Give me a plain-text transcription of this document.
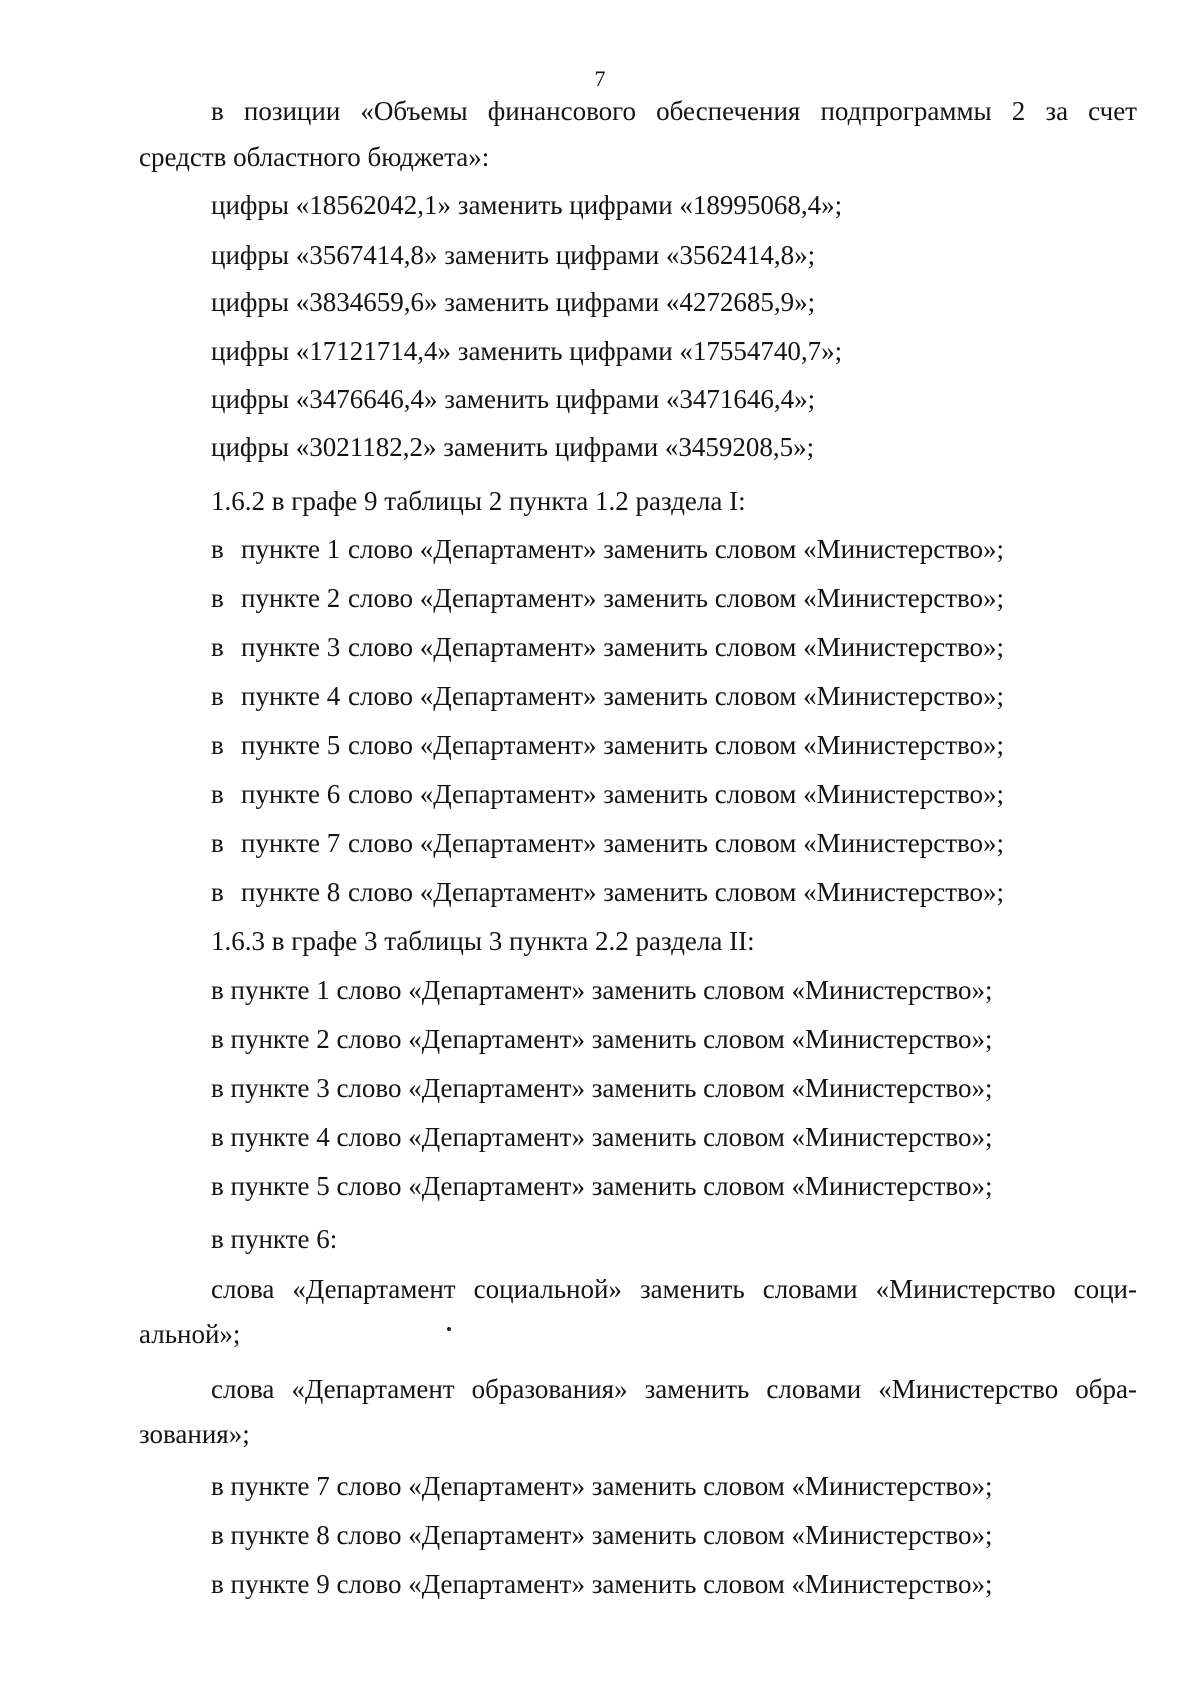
7
в позиции «Объемы финансового обеспечения подпрограммы 2 за счет
средств областного бюджета»:
цифры «18562042,1» заменить цифрами «18995068,4»;
цифры «3567414,8» заменить цифрами «3562414,8»;
цифры «3834659,6» заменить цифрами «4272685,9»;
цифры «17121714,4» заменить цифрами «17554740,7»;
цифры «3476646,4» заменить цифрами «3471646,4»;
цифры «3021182,2» заменить цифрами «3459208,5»;
1.6.2 в графе 9 таблицы 2 пункта 1.2 раздела I:
в пункте 1 слово «Департамент» заменить словом «Министерство»;
в пункте 2 слово «Департамент» заменить словом «Министерство»;
в пункте 3 слово «Департамент» заменить словом «Министерство»;
в пункте 4 слово «Департамент» заменить словом «Министерство»;
в пункте 5 слово «Департамент» заменить словом «Министерство»;
в пункте 6 слово «Департамент» заменить словом «Министерство»;
в пункте 7 слово «Департамент» заменить словом «Министерство»;
в пункте 8 слово «Департамент» заменить словом «Министерство»;
1.6.3 в графе 3 таблицы 3 пункта 2.2 раздела II:
в пункте 1 слово «Департамент» заменить словом «Министерство»;
в пункте 2 слово «Департамент» заменить словом «Министерство»;
в пункте 3 слово «Департамент» заменить словом «Министерство»;
в пункте 4 слово «Департамент» заменить словом «Министерство»;
в пункте 5 слово «Департамент» заменить словом «Министерство»;
в пункте 6:
слова «Департамент социальной» заменить словами «Министерство соци-
альной»;
слова «Департамент образования» заменить словами «Министерство обра-
зования»;
в пункте 7 слово «Департамент» заменить словом «Министерство»;
в пункте 8 слово «Департамент» заменить словом «Министерство»;
в пункте 9 слово «Департамент» заменить словом «Министерство»;
